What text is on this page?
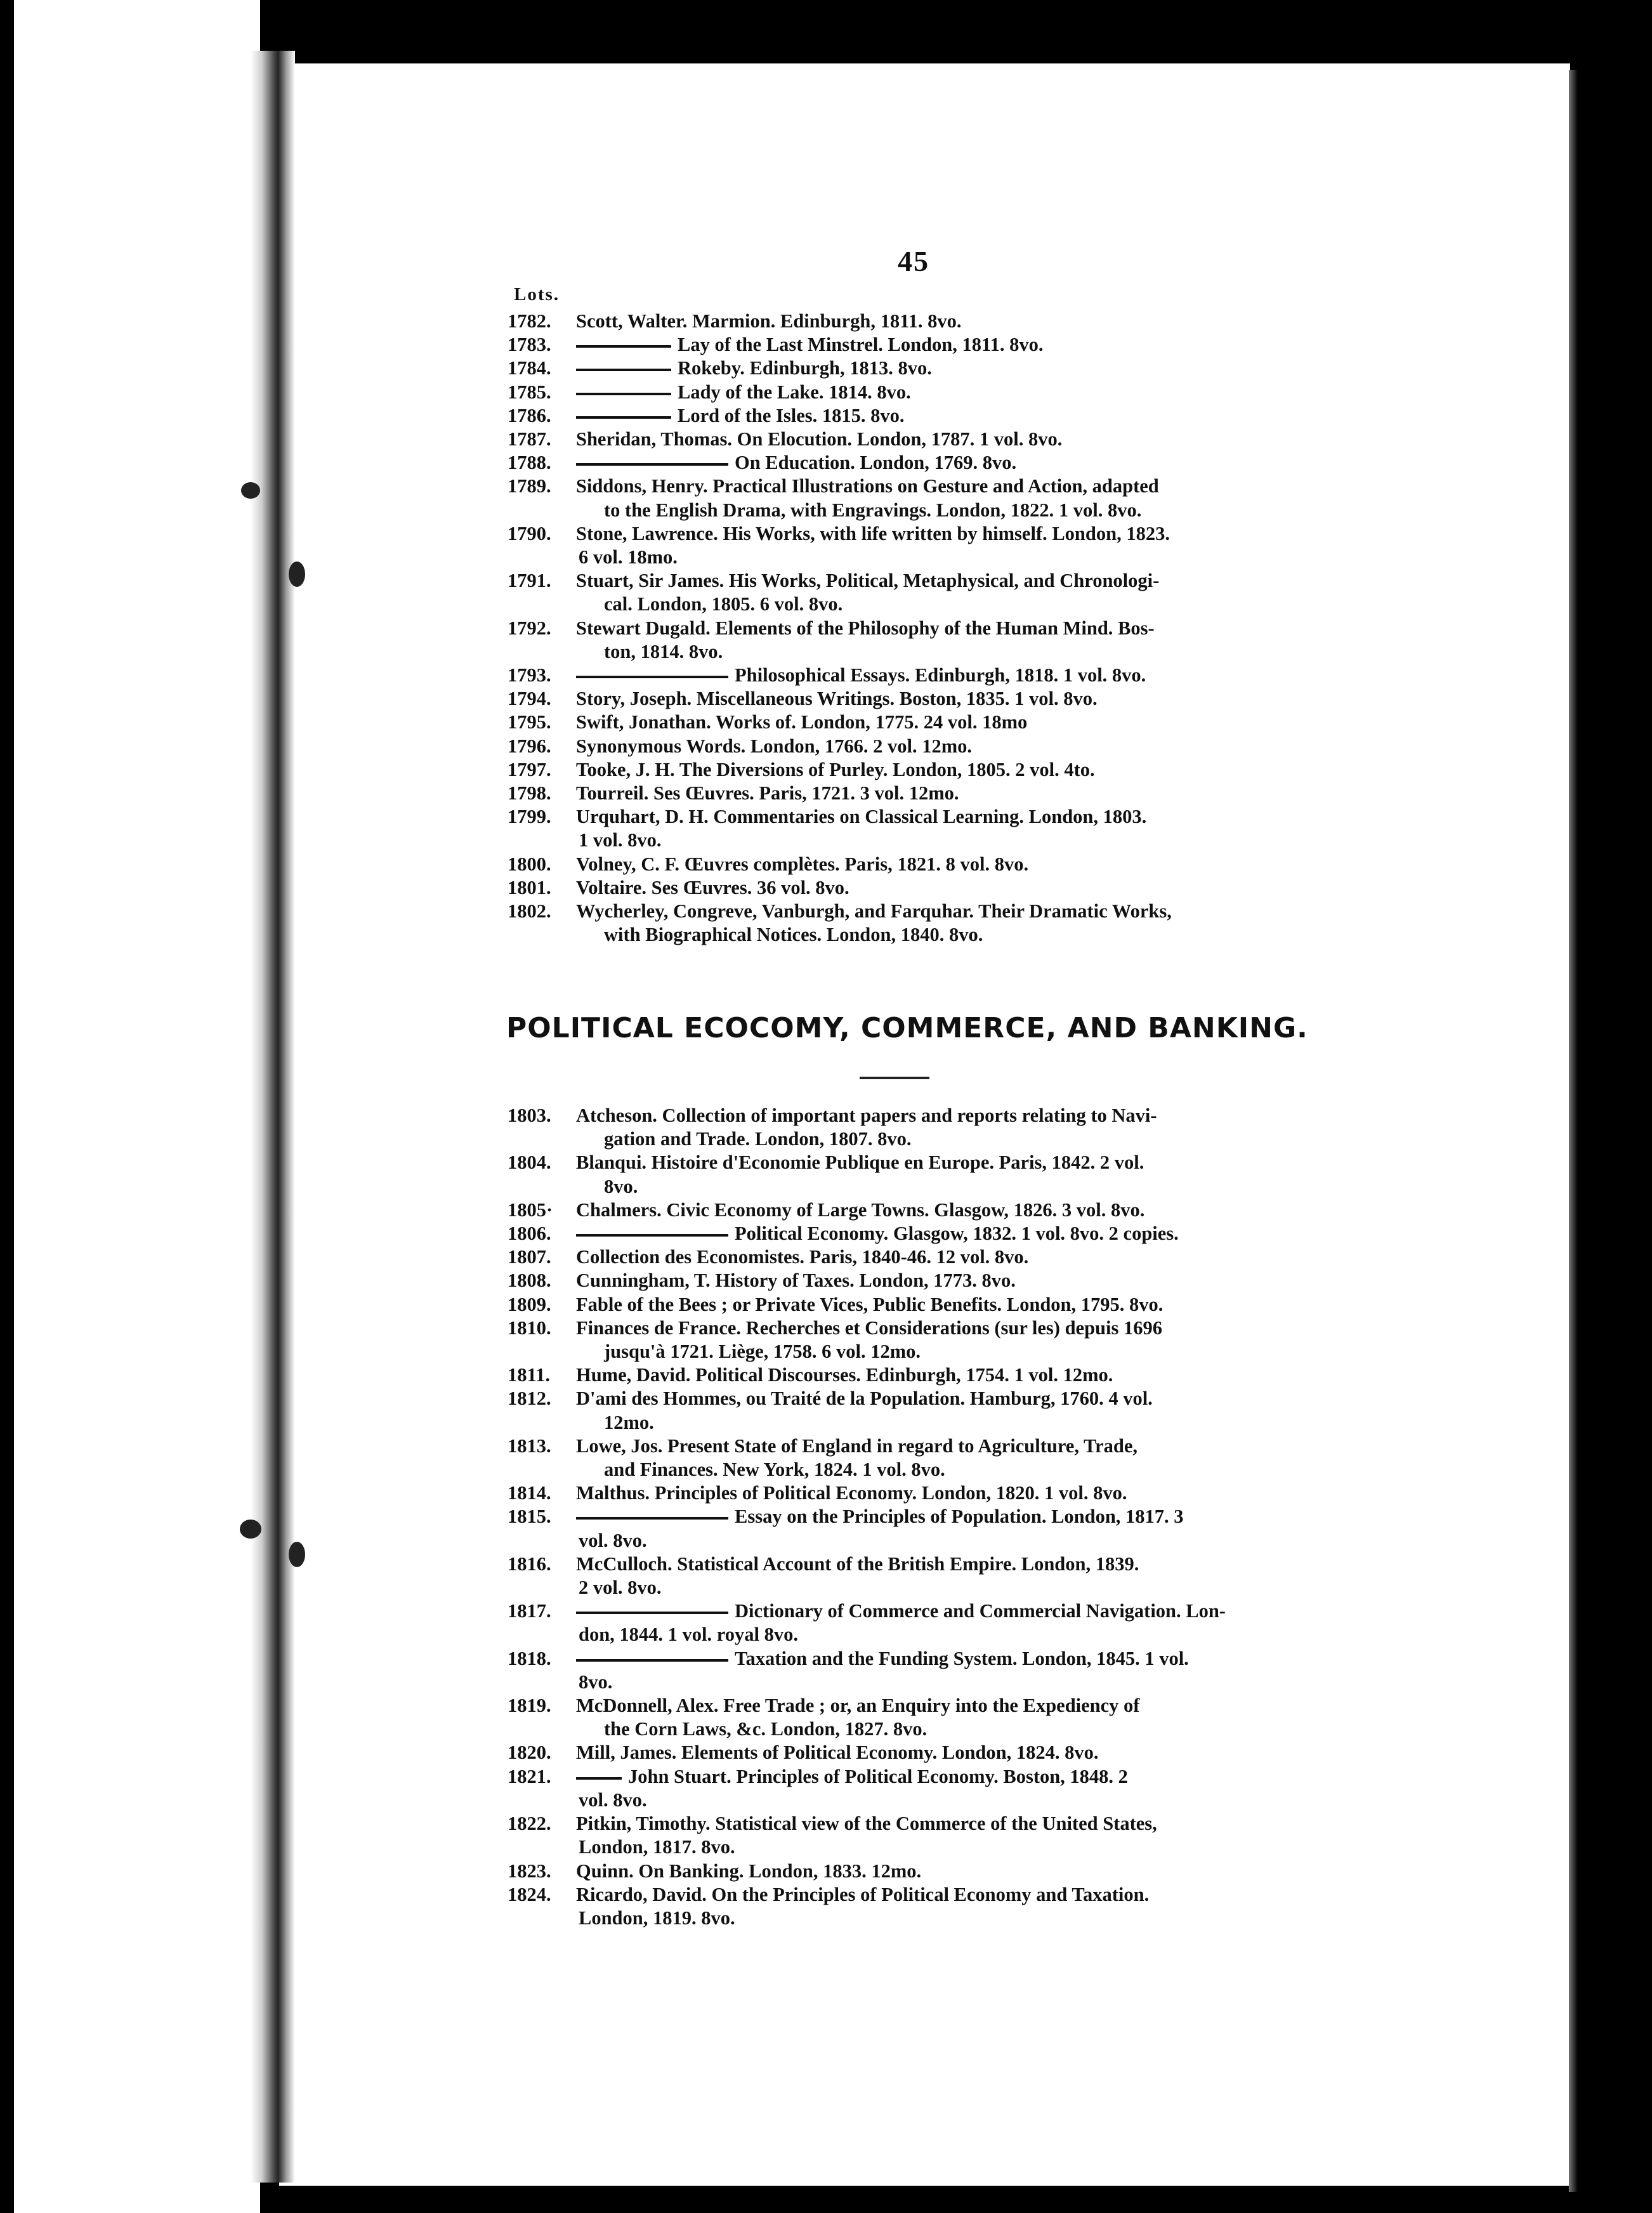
45
Lots.
1782. Scott, Walter. Marmion. Edinburgh, 1811. 8vo.
1783.	Lay of the Last Minstrel. London, 1811. 8vo.
1784.	Rokeby. Edinburgh, 1813. 8vo.
1785.	Lady of the Lake. 1814. 8vo.
1786.	Lord of the Isles. 1815. 8vo.
1787. Sheridan, Thomas. On Elocution. London, 1787. 1 vol. 8vo.
1788.	On Education. London, 1769. 8vo.
1789. Siddons, Henry. Practical Illustrations on Gesture and Action, adapted
to the English Drama, with Engravings. London, 1822. 1 vol. 8vo.
1790. Stone, Lawrence. His Works, with life written by himself. London, 1823.
6 vol. 18mo.
1791. Stuart, Sir James. His Works, Political, Metaphysical, and Chronologi-
cal. London, 1805. 6 vol. 8vo.
1792. Stewart Dugald. Elements of the Philosophy of the Human Mind. Bos-
ton, 1814. 8vo.
1793.	Philosophical Essays. Edinburgh, 1818. 1 vol. 8vo.
1794. Story, Joseph. Miscellaneous Writings. Boston, 1835. 1 vol. 8vo.
1795. Swift, Jonathan. Works of. London, 1775. 24 vol. 18mo
1796. Synonymous Words. London, 1766. 2 vol. 12mo.
1797. Tooke, J. H. The Diversions of Purley. London, 1805. 2 vol. 4to.
1798. Tourreil. Ses Œuvres. Paris, 1721. 3 vol. 12mo.
1799. Urquhart, D. H. Commentaries on Classical Learning. London, 1803.
1 vol. 8vo.
1800. Volney, C. F. Œuvres complètes. Paris, 1821. 8 vol. 8vo.
1801. Voltaire. Ses Œuvres. 36 vol. 8vo.
1802. Wycherley, Congreve, Vanburgh, and Farquhar. Their Dramatic Works,
with Biographical Notices. London, 1840. 8vo.
POLITICAL ECOCOMY, COMMERCE, AND BANKING.
1803. Atcheson. Collection of important papers and reports relating to Navi-
gation and Trade. London, 1807. 8vo.
1804. Blanqui. Histoire d'Economie Publique en Europe. Paris, 1842. 2 vol.
8vo.
1805· Chalmers. Civic Economy of Large Towns. Glasgow, 1826. 3 vol. 8vo.
1806.	Political Economy. Glasgow, 1832. 1 vol. 8vo. 2 copies.
1807. Collection des Economistes. Paris, 1840-46. 12 vol. 8vo.
1808. Cunningham, T. History of Taxes. London, 1773. 8vo.
1809. Fable of the Bees ; or Private Vices, Public Benefits. London, 1795. 8vo.
1810. Finances de France. Recherches et Considerations (sur les) depuis 1696
jusqu'à 1721. Liège, 1758. 6 vol. 12mo.
1811. Hume, David. Political Discourses. Edinburgh, 1754. 1 vol. 12mo.
1812. D'ami des Hommes, ou Traité de la Population. Hamburg, 1760. 4 vol.
12mo.
1813. Lowe, Jos. Present State of England in regard to Agriculture, Trade,
and Finances. New York, 1824. 1 vol. 8vo.
1814. Malthus. Principles of Political Economy. London, 1820. 1 vol. 8vo.
1815.	Essay on the Principles of Population. London, 1817. 3
vol. 8vo.
1816. McCulloch. Statistical Account of the British Empire. London, 1839.
2 vol. 8vo.
1817.	Dictionary of Commerce and Commercial Navigation. Lon-
don, 1844. 1 vol. royal 8vo.
1818.	Taxation and the Funding System. London, 1845. 1 vol.
8vo.
1819. McDonnell, Alex. Free Trade ; or, an Enquiry into the Expediency of
the Corn Laws, &c. London, 1827. 8vo.
1820. Mill, James. Elements of Political Economy. London, 1824. 8vo.
1821.	John Stuart. Principles of Political Economy. Boston, 1848. 2
vol. 8vo.
1822. Pitkin, Timothy. Statistical view of the Commerce of the United States,
London, 1817. 8vo.
1823. Quinn. On Banking. London, 1833. 12mo.
1824. Ricardo, David. On the Principles of Political Economy and Taxation.
London, 1819. 8vo.
